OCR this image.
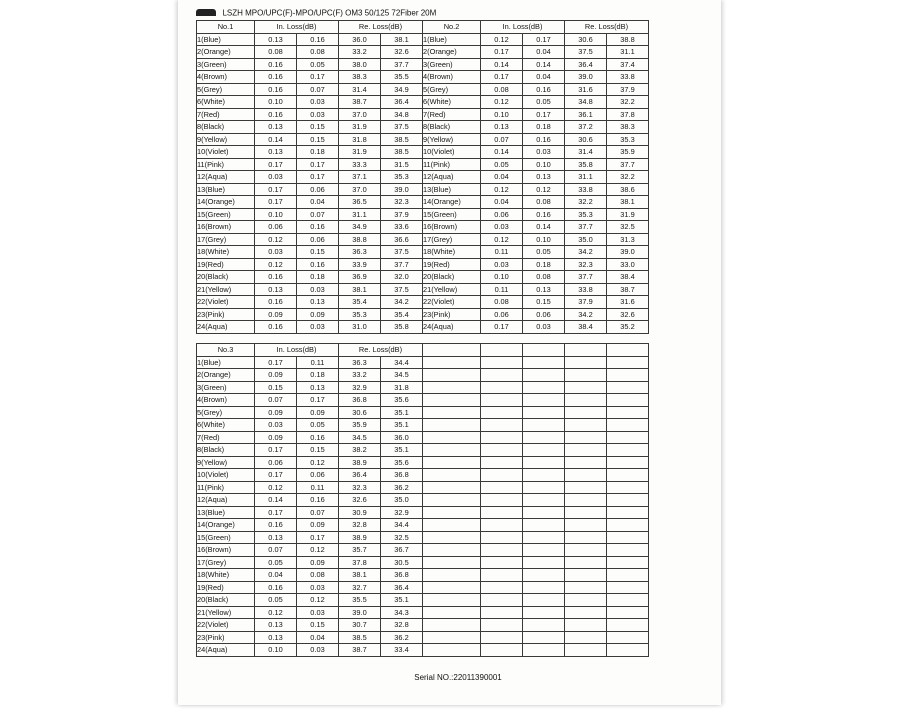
LSZH MPO/UPC(F)-MPO/UPC(F) OM3 50/125 72Fiber 20M
No.1	In. Loss(dB)		Re. Loss(dB)		No.2	In. Loss(dB)		Re. Loss(dB)	
1(Blue)	0.13	0.16	36.0	38.1	1(Blue)	0.12	0.17	30.6	38.8
2(Orange)	0.08	0.08	33.2	32.6	2(Orange)	0.17	0.04	37.5	31.1
3(Green)	0.16	0.05	38.0	37.7	3(Green)	0.14	0.14	36.4	37.4
4(Brown)	0.16	0.17	38.3	35.5	4(Brown)	0.17	0.04	39.0	33.8
5(Grey)	0.16	0.07	31.4	34.9	5(Grey)	0.08	0.16	31.6	37.9
6(White)	0.10	0.03	38.7	36.4	6(White)	0.12	0.05	34.8	32.2
7(Red)	0.16	0.03	37.0	34.8	7(Red)	0.10	0.17	36.1	37.8
8(Black)	0.13	0.15	31.9	37.5	8(Black)	0.13	0.18	37.2	38.3
9(Yellow)	0.14	0.15	31.8	38.5	9(Yellow)	0.07	0.16	30.6	35.3
10(Violet)	0.13	0.18	31.9	38.5	10(Violet)	0.14	0.03	31.4	35.9
11(Pink)	0.17	0.17	33.3	31.5	11(Pink)	0.05	0.10	35.8	37.7
12(Aqua)	0.03	0.17	37.1	35.3	12(Aqua)	0.04	0.13	31.1	32.2
13(Blue)	0.17	0.06	37.0	39.0	13(Blue)	0.12	0.12	33.8	38.6
14(Orange)	0.17	0.04	36.5	32.3	14(Orange)	0.04	0.08	32.2	38.1
15(Green)	0.10	0.07	31.1	37.9	15(Green)	0.06	0.16	35.3	31.9
16(Brown)	0.06	0.16	34.9	33.6	16(Brown)	0.03	0.14	37.7	32.5
17(Grey)	0.12	0.06	38.8	36.6	17(Grey)	0.12	0.10	35.0	31.3
18(White)	0.03	0.15	36.3	37.5	18(White)	0.11	0.05	34.2	39.0
19(Red)	0.12	0.16	33.9	37.7	19(Red)	0.03	0.18	32.3	33.0
20(Black)	0.16	0.18	36.9	32.0	20(Black)	0.10	0.08	37.7	38.4
21(Yellow)	0.13	0.03	38.1	37.5	21(Yellow)	0.11	0.13	33.8	38.7
22(Violet)	0.16	0.13	35.4	34.2	22(Violet)	0.08	0.15	37.9	31.6
23(Pink)	0.09	0.09	35.3	35.4	23(Pink)	0.06	0.06	34.2	32.6
24(Aqua)	0.16	0.03	31.0	35.8	24(Aqua)	0.17	0.03	38.4	35.2
No.3	In. Loss(dB)		Re. Loss(dB)						
1(Blue)	0.17	0.11	36.3	34.4					
2(Orange)	0.09	0.18	33.2	34.5					
3(Green)	0.15	0.13	32.9	31.8					
4(Brown)	0.07	0.17	36.8	35.6					
5(Grey)	0.09	0.09	30.6	35.1					
6(White)	0.03	0.05	35.9	35.1					
7(Red)	0.09	0.16	34.5	36.0					
8(Black)	0.17	0.15	38.2	35.1					
9(Yellow)	0.06	0.12	38.9	35.6					
10(Violet)	0.17	0.06	36.4	36.8					
11(Pink)	0.12	0.11	32.3	36.2					
12(Aqua)	0.14	0.16	32.6	35.0					
13(Blue)	0.17	0.07	30.9	32.9					
14(Orange)	0.16	0.09	32.8	34.4					
15(Green)	0.13	0.17	38.9	32.5					
16(Brown)	0.07	0.12	35.7	36.7					
17(Grey)	0.05	0.09	37.8	30.5					
18(White)	0.04	0.08	38.1	36.8					
19(Red)	0.16	0.03	32.7	36.4					
20(Black)	0.05	0.12	35.5	35.1					
21(Yellow)	0.12	0.03	39.0	34.3					
22(Violet)	0.13	0.15	30.7	32.8					
23(Pink)	0.13	0.04	38.5	36.2					
24(Aqua)	0.10	0.03	38.7	33.4					
Serial NO.:22011390001
